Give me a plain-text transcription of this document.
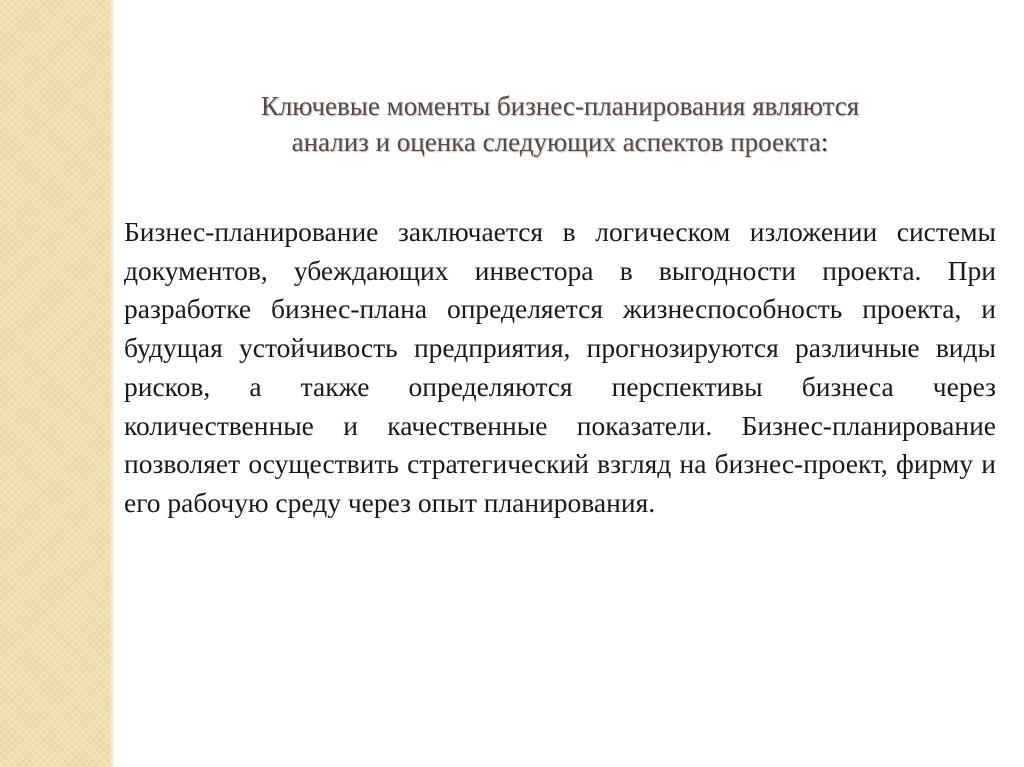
Ключевые моменты бизнес-планирования являются
анализ и оценка следующих аспектов проекта:

Бизнес-планирование заключается в логическом изложении системы документов, убеждающих инвестора в выгодности проекта. При разработке бизнес-плана определяется жизнеспособность проекта, и будущая устойчивость предприятия, прогнозируются различные виды рисков, а также определяются перспективы бизнеса через количественные и качественные показатели. Бизнес-планирование позволяет осуществить стратегический взгляд на бизнес-проект, фирму и его рабочую среду через опыт планирования.
